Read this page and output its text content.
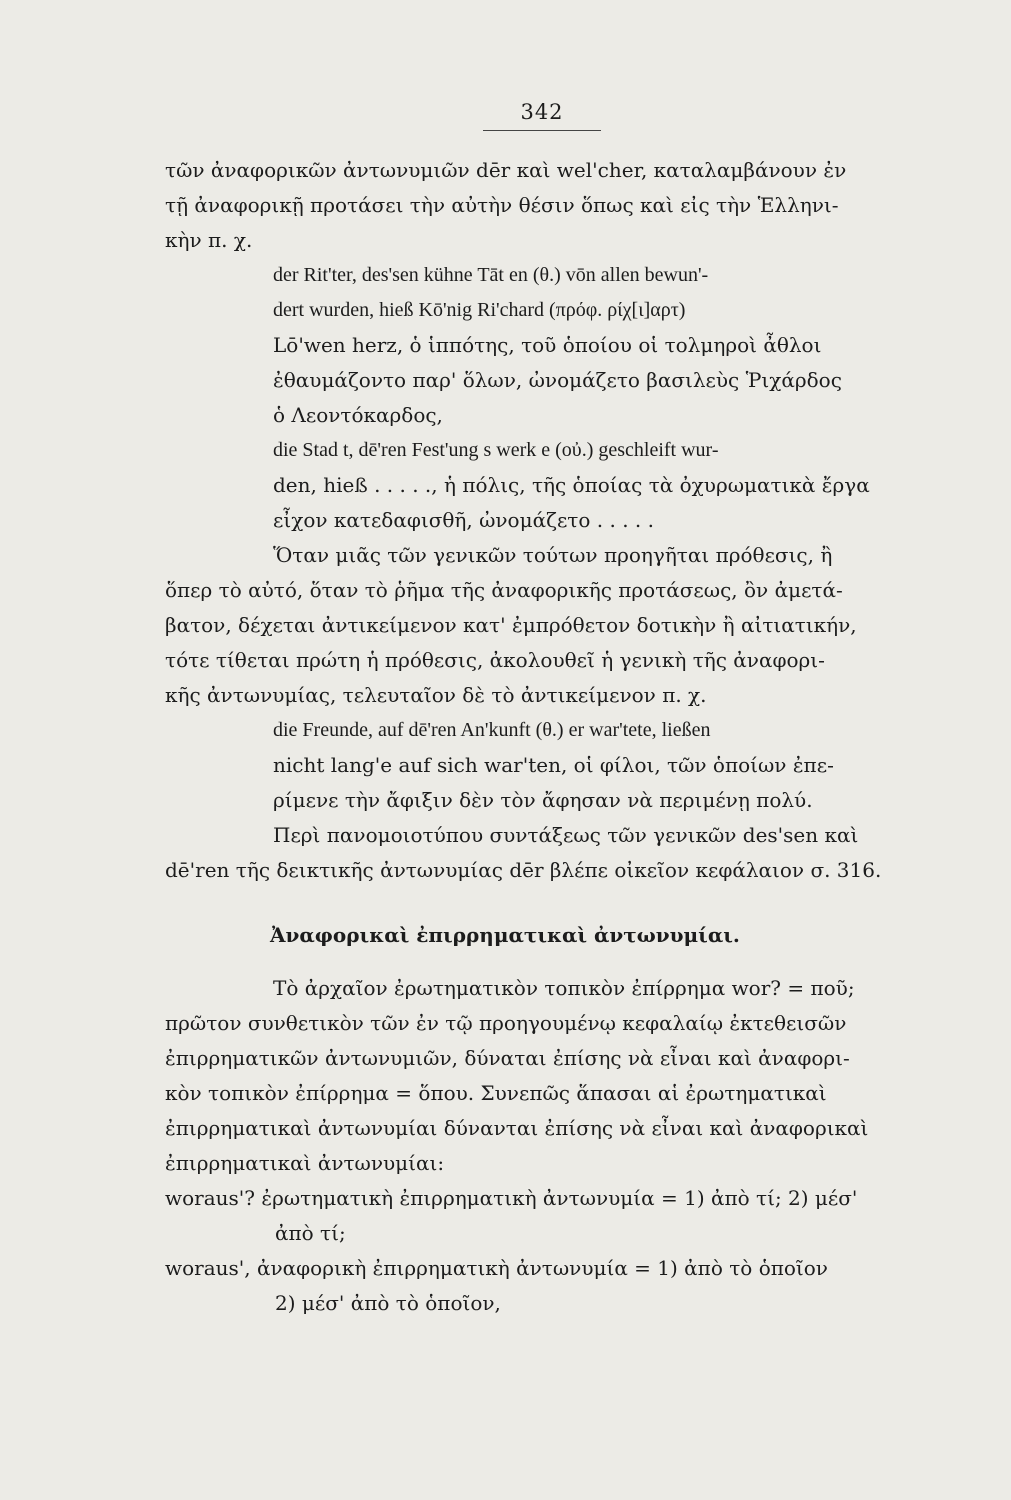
342
τῶν ἀναφορικῶν ἀντωνυμιῶν dēr καὶ wel'cher, καταλαμβάνουν ἐν
τῇ ἀναφορικῇ προτάσει τὴν αὐτὴν θέσιν ὅπως καὶ εἰς τὴν Ἑλληνι-
κὴν π. χ.
der Rit'ter, des'sen kühne Tāt en (θ.) vōn allen bewun'-
dert wurden, hieß Kō'nig Ri'chard (πρόφ. ρίχ[ι]αρτ)
Lō'wen herz, ὁ ἱππότης, τοῦ ὁποίου οἱ τολμηροὶ ἆθλοι
ἐθαυμάζοντο παρ' ὅλων, ὠνομάζετο βασιλεὺς Ῥιχάρδος
ὁ Λεοντόκαρδος,
die Stad t, dē'ren Fest'ung s werk e (οὐ.) geschleift wur-
den, hieß . . . . ., ἡ πόλις, τῆς ὁποίας τὰ ὀχυρωματικὰ ἔργα
εἶχον κατεδαφισθῆ, ὠνομάζετο . . . . .
Ὅταν μιᾶς τῶν γενικῶν τούτων προηγῆται πρόθεσις, ἢ
ὅπερ τὸ αὐτό, ὅταν τὸ ῥῆμα τῆς ἀναφορικῆς προτάσεως, ὂν ἀμετά-
βατον, δέχεται ἀντικείμενον κατ' ἐμπρόθετον δοτικὴν ἢ αἰτιατικήν,
τότε τίθεται πρώτη ἡ πρόθεσις, ἀκολουθεῖ ἡ γενικὴ τῆς ἀναφορι-
κῆς ἀντωνυμίας, τελευταῖον δὲ τὸ ἀντικείμενον π. χ.
die Freunde, auf dē'ren An'kunft (θ.) er war'tete, ließen
nicht lang'e auf sich war'ten, οἱ φίλοι, τῶν ὁποίων ἐπε-
ρίμενε τὴν ἄφιξιν δὲν τὸν ἄφησαν νὰ περιμένῃ πολύ.
Περὶ πανομοιοτύπου συντάξεως τῶν γενικῶν des'sen καὶ
dē'ren τῆς δεικτικῆς ἀντωνυμίας dēr βλέπε οἰκεῖον κεφάλαιον σ. 316.
Ἀναφορικαὶ ἐπιρρηματικαὶ ἀντωνυμίαι.
Τὸ ἀρχαῖον ἐρωτηματικὸν τοπικὸν ἐπίρρημα wor? = ποῦ;
πρῶτον συνθετικὸν τῶν ἐν τῷ προηγουμένῳ κεφαλαίῳ ἐκτεθεισῶν
ἐπιρρηματικῶν ἀντωνυμιῶν, δύναται ἐπίσης νὰ εἶναι καὶ ἀναφορι-
κὸν τοπικὸν ἐπίρρημα = ὅπου. Συνεπῶς ἅπασαι αἱ ἐρωτηματικαὶ
ἐπιρρηματικαὶ ἀντωνυμίαι δύνανται ἐπίσης νὰ εἶναι καὶ ἀναφορικαὶ
ἐπιρρηματικαὶ ἀντωνυμίαι:
woraus'? ἐρωτηματικὴ ἐπιρρηματικὴ ἀντωνυμία = 1) ἀπὸ τί; 2) μέσ'
ἀπὸ τί;
woraus', ἀναφορικὴ ἐπιρρηματικὴ ἀντωνυμία = 1) ἀπὸ τὸ ὁποῖον
2) μέσ' ἀπὸ τὸ ὁποῖον,
